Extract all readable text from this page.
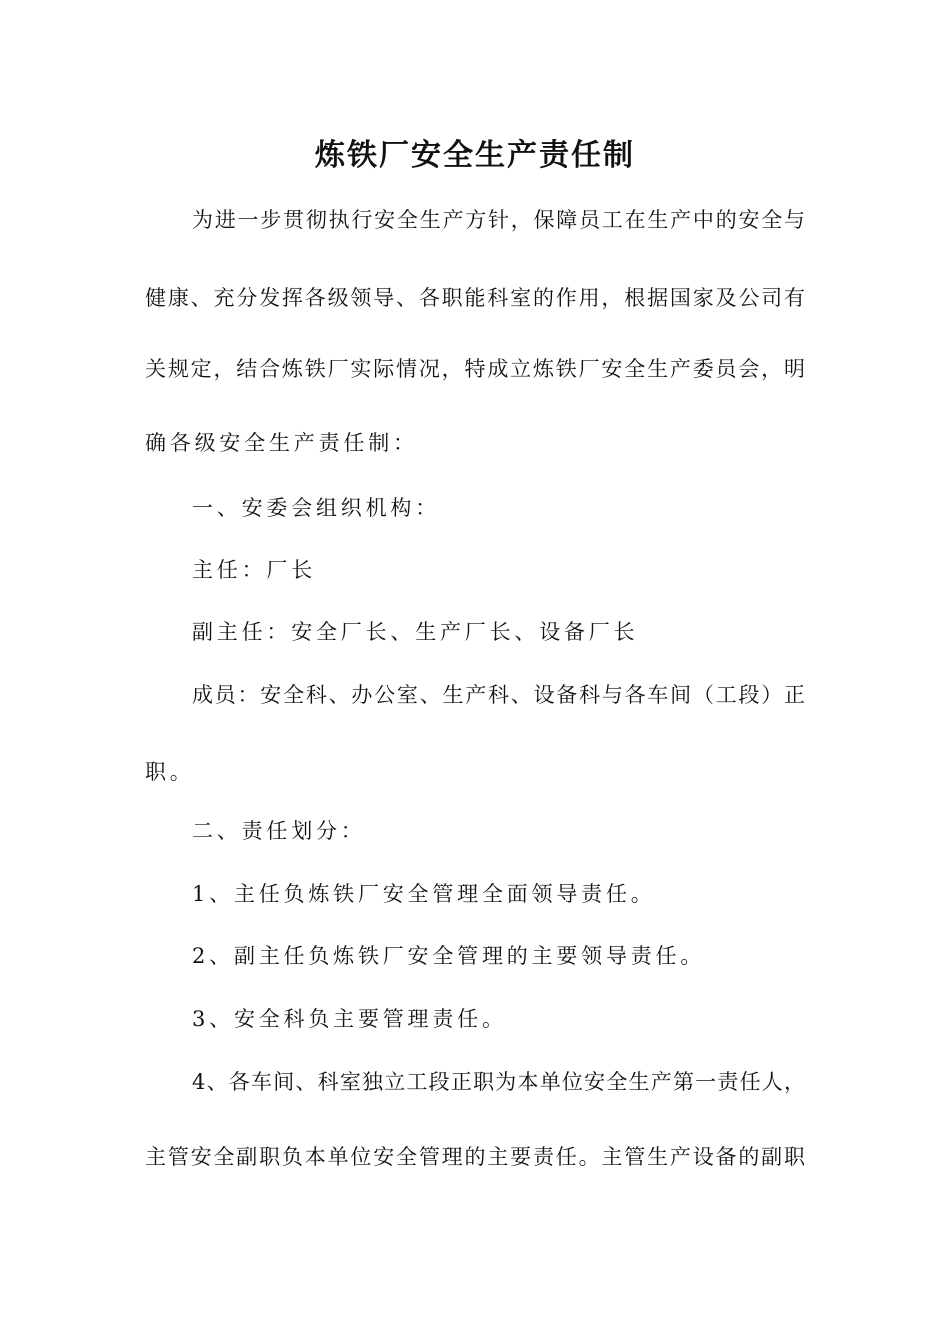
炼铁厂安全生产责任制
为进一步贯彻执行安全生产方针，保障员工在生产中的安全与
健康、充分发挥各级领导、各职能科室的作用，根据国家及公司有
关规定，结合炼铁厂实际情况，特成立炼铁厂安全生产委员会，明
确各级安全生产责任制：
一、安委会组织机构：
主任：厂长
副主任：安全厂长、生产厂长、设备厂长
成员：安全科、办公室、生产科、设备科与各车间（工段）正
职。
二、责任划分：
1、主任负炼铁厂安全管理全面领导责任。
2、副主任负炼铁厂安全管理的主要领导责任。
3、安全科负主要管理责任。
4、各车间、科室独立工段正职为本单位安全生产第一责任人，
主管安全副职负本单位安全管理的主要责任。主管生产设备的副职
